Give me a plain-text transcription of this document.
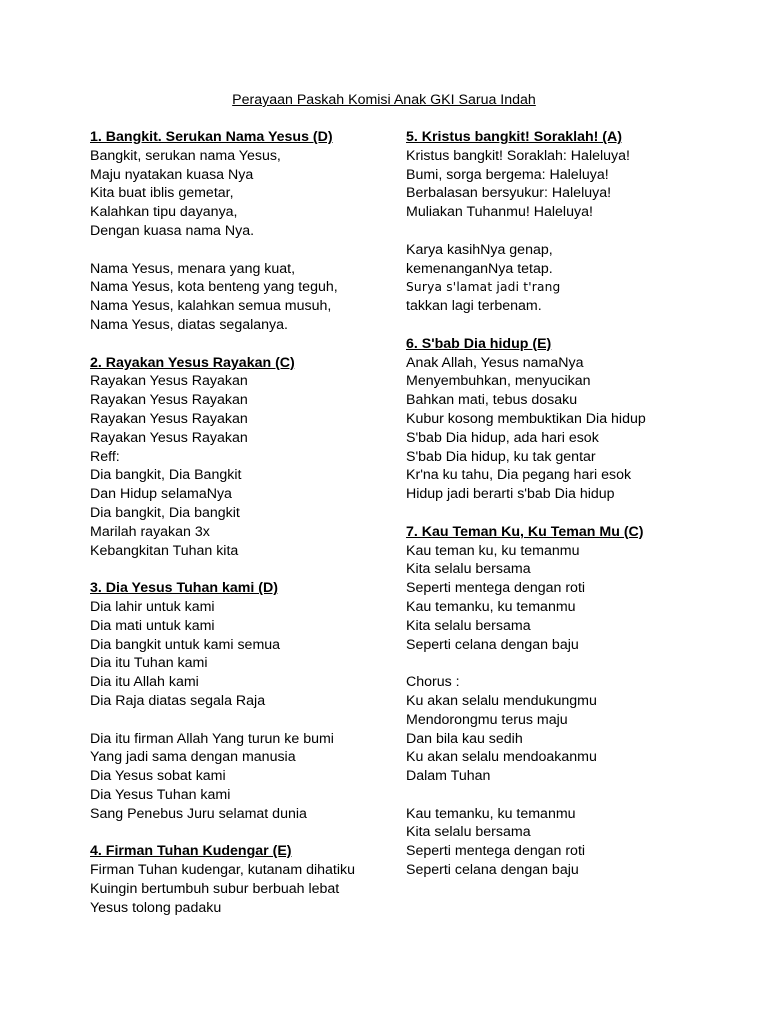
Perayaan Paskah Komisi Anak GKI Sarua Indah
1. Bangkit. Serukan Nama Yesus (D)
Bangkit, serukan nama Yesus,
Maju nyatakan kuasa Nya
Kita buat iblis gemetar,
Kalahkan tipu dayanya,
Dengan kuasa nama Nya.
Nama Yesus, menara yang kuat,
Nama Yesus, kota benteng yang teguh,
Nama Yesus, kalahkan semua musuh,
Nama Yesus, diatas segalanya.
2. Rayakan Yesus Rayakan (C)
Rayakan Yesus Rayakan
Rayakan Yesus Rayakan
Rayakan Yesus Rayakan
Rayakan Yesus Rayakan
Reff:
Dia bangkit, Dia Bangkit
Dan Hidup selamaNya
Dia bangkit, Dia bangkit
Marilah rayakan 3x
Kebangkitan Tuhan kita
3. Dia Yesus Tuhan kami (D)
Dia lahir untuk kami
Dia mati untuk kami
Dia bangkit untuk kami semua
Dia itu Tuhan kami
Dia itu Allah kami
Dia Raja diatas segala Raja
Dia itu firman Allah Yang turun ke bumi
Yang jadi sama dengan manusia
Dia Yesus sobat kami
Dia Yesus Tuhan kami
Sang Penebus Juru selamat dunia
4. Firman Tuhan Kudengar (E)
Firman Tuhan kudengar, kutanam dihatiku
Kuingin bertumbuh subur berbuah lebat
Yesus tolong padaku
5. Kristus bangkit! Soraklah! (A)
Kristus bangkit! Soraklah: Haleluya!
Bumi, sorga bergema: Haleluya!
Berbalasan bersyukur: Haleluya!
Muliakan Tuhanmu! Haleluya!
Karya kasihNya genap,
kemenanganNya tetap.
Surya s'lamat jadi t'rang
takkan lagi terbenam.
6. S'bab Dia hidup (E)
Anak Allah, Yesus namaNya
Menyembuhkan, menyucikan
Bahkan mati, tebus dosaku
Kubur kosong membuktikan Dia hidup
S'bab Dia hidup, ada hari esok
S'bab Dia hidup, ku tak gentar
Kr'na ku tahu, Dia pegang hari esok
Hidup jadi berarti s'bab Dia hidup
7. Kau Teman Ku, Ku Teman Mu (C)
Kau teman ku, ku temanmu
Kita selalu bersama
Seperti mentega dengan roti
Kau temanku, ku temanmu
Kita selalu bersama
Seperti celana dengan baju
Chorus :
Ku akan selalu mendukungmu
Mendorongmu terus maju
Dan bila kau sedih
Ku akan selalu mendoakanmu
Dalam Tuhan
Kau temanku, ku temanmu
Kita selalu bersama
Seperti mentega dengan roti
Seperti celana dengan baju
